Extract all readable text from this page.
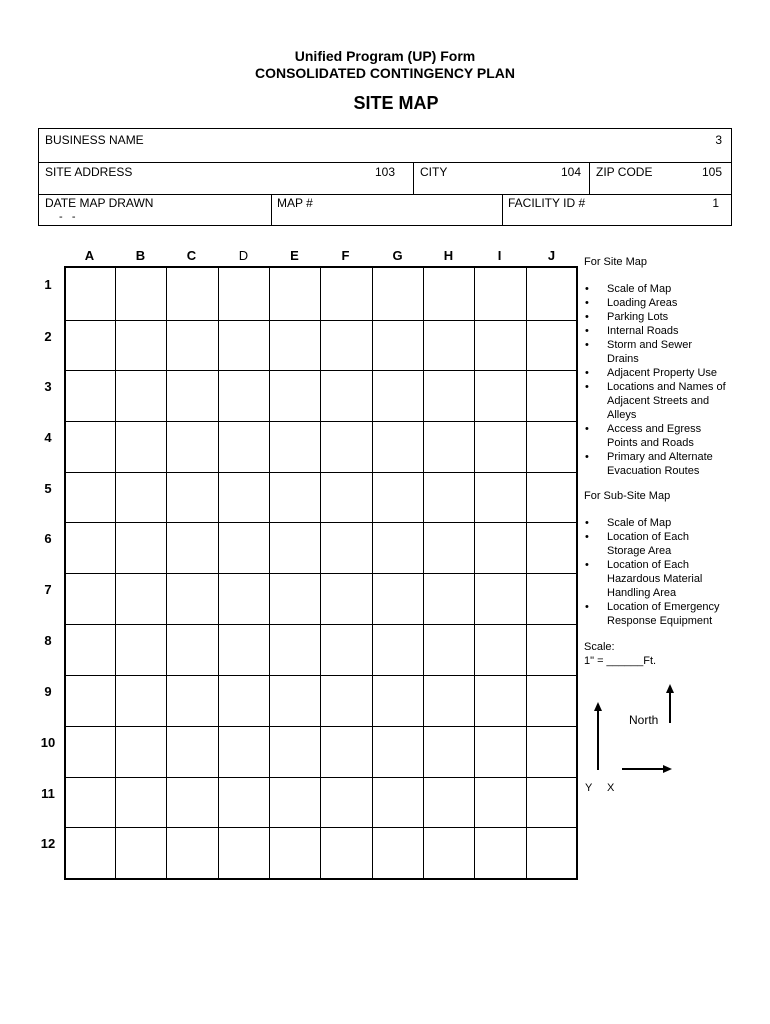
Unified Program (UP) Form
CONSOLIDATED CONTINGENCY PLAN
SITE MAP
BUSINESS NAME	3
SITE ADDRESS	103 CITY	104 ZIP CODE	105
DATE MAP DRAWN
-   -
MAP #	FACILITY ID #	1
A	B	C	D	E	F	G	H	I	J
1
2
3
4
5
6
7
8
9
10
11
12
For Site Map
• Scale of Map
• Loading Areas
• Parking Lots
• Internal Roads
• Storm and Sewer Drains
• Adjacent Property Use
• Locations and Names of Adjacent Streets and Alleys
• Access and Egress Points and Roads
• Primary and Alternate Evacuation Routes
For Sub-Site Map
• Scale of Map
• Location of Each Storage Area
• Location of Each Hazardous Material Handling Area
• Location of Emergency Response Equipment
Scale:
1" = ______Ft.
North
Y	X
